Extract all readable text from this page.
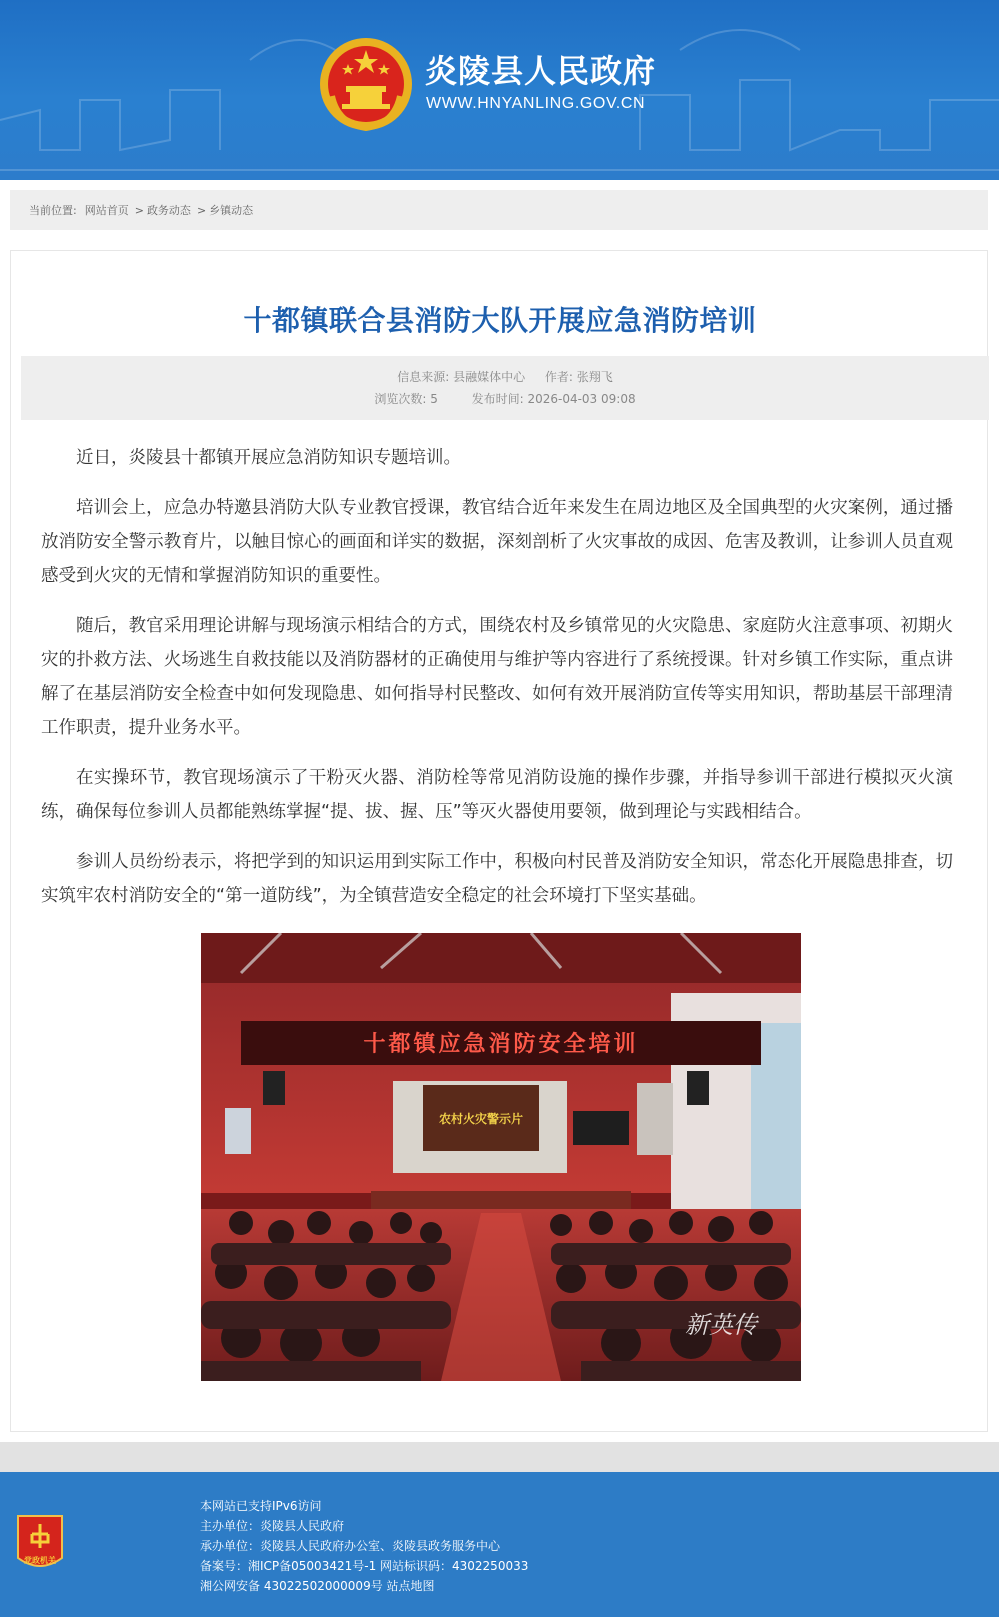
炎陵县人民政府
WWW.HNYANLING.GOV.CN
当前位置: 网站首页 > 政务动态 > 乡镇动态
十都镇联合县消防大队开展应急消防培训
信息来源: 县融媒体中心 作者: 张翔飞
浏览次数: 5	发布时间: 2026-04-03 09:08

近日，炎陵县十都镇开展应急消防知识专题培训。

培训会上，应急办特邀县消防大队专业教官授课，教官结合近年来发生在周边地区及全国典型的火灾案例，通过播放消防安全警示教育片，以触目惊心的画面和详实的数据，深刻剖析了火灾事故的成因、危害及教训，让参训人员直观感受到火灾的无情和掌握消防知识的重要性。

随后，教官采用理论讲解与现场演示相结合的方式，围绕农村及乡镇常见的火灾隐患、家庭防火注意事项、初期火灾的扑救方法、火场逃生自救技能以及消防器材的正确使用与维护等内容进行了系统授课。针对乡镇工作实际，重点讲解了在基层消防安全检查中如何发现隐患、如何指导村民整改、如何有效开展消防宣传等实用知识，帮助基层干部理清工作职责，提升业务水平。

在实操环节，教官现场演示了干粉灭火器、消防栓等常见消防设施的操作步骤，并指导参训干部进行模拟灭火演练，确保每位参训人员都能熟练掌握“提、拔、握、压”等灭火器使用要领，做到理论与实践相结合。

参训人员纷纷表示，将把学到的知识运用到实际工作中，积极向村民普及消防安全知识，常态化开展隐患排查，切实筑牢农村消防安全的“第一道防线”，为全镇营造安全稳定的社会环境打下坚实基础。

十都镇应急消防安全培训
农村火灾警示片
新英传
党政机关
本网站已支持IPv6访问
主办单位：炎陵县人民政府
承办单位：炎陵县人民政府办公室、炎陵县政务服务中心
备案号：湘ICP备05003421号-1 网站标识码：4302250033
湘公网安备 43022502000009号 站点地图
